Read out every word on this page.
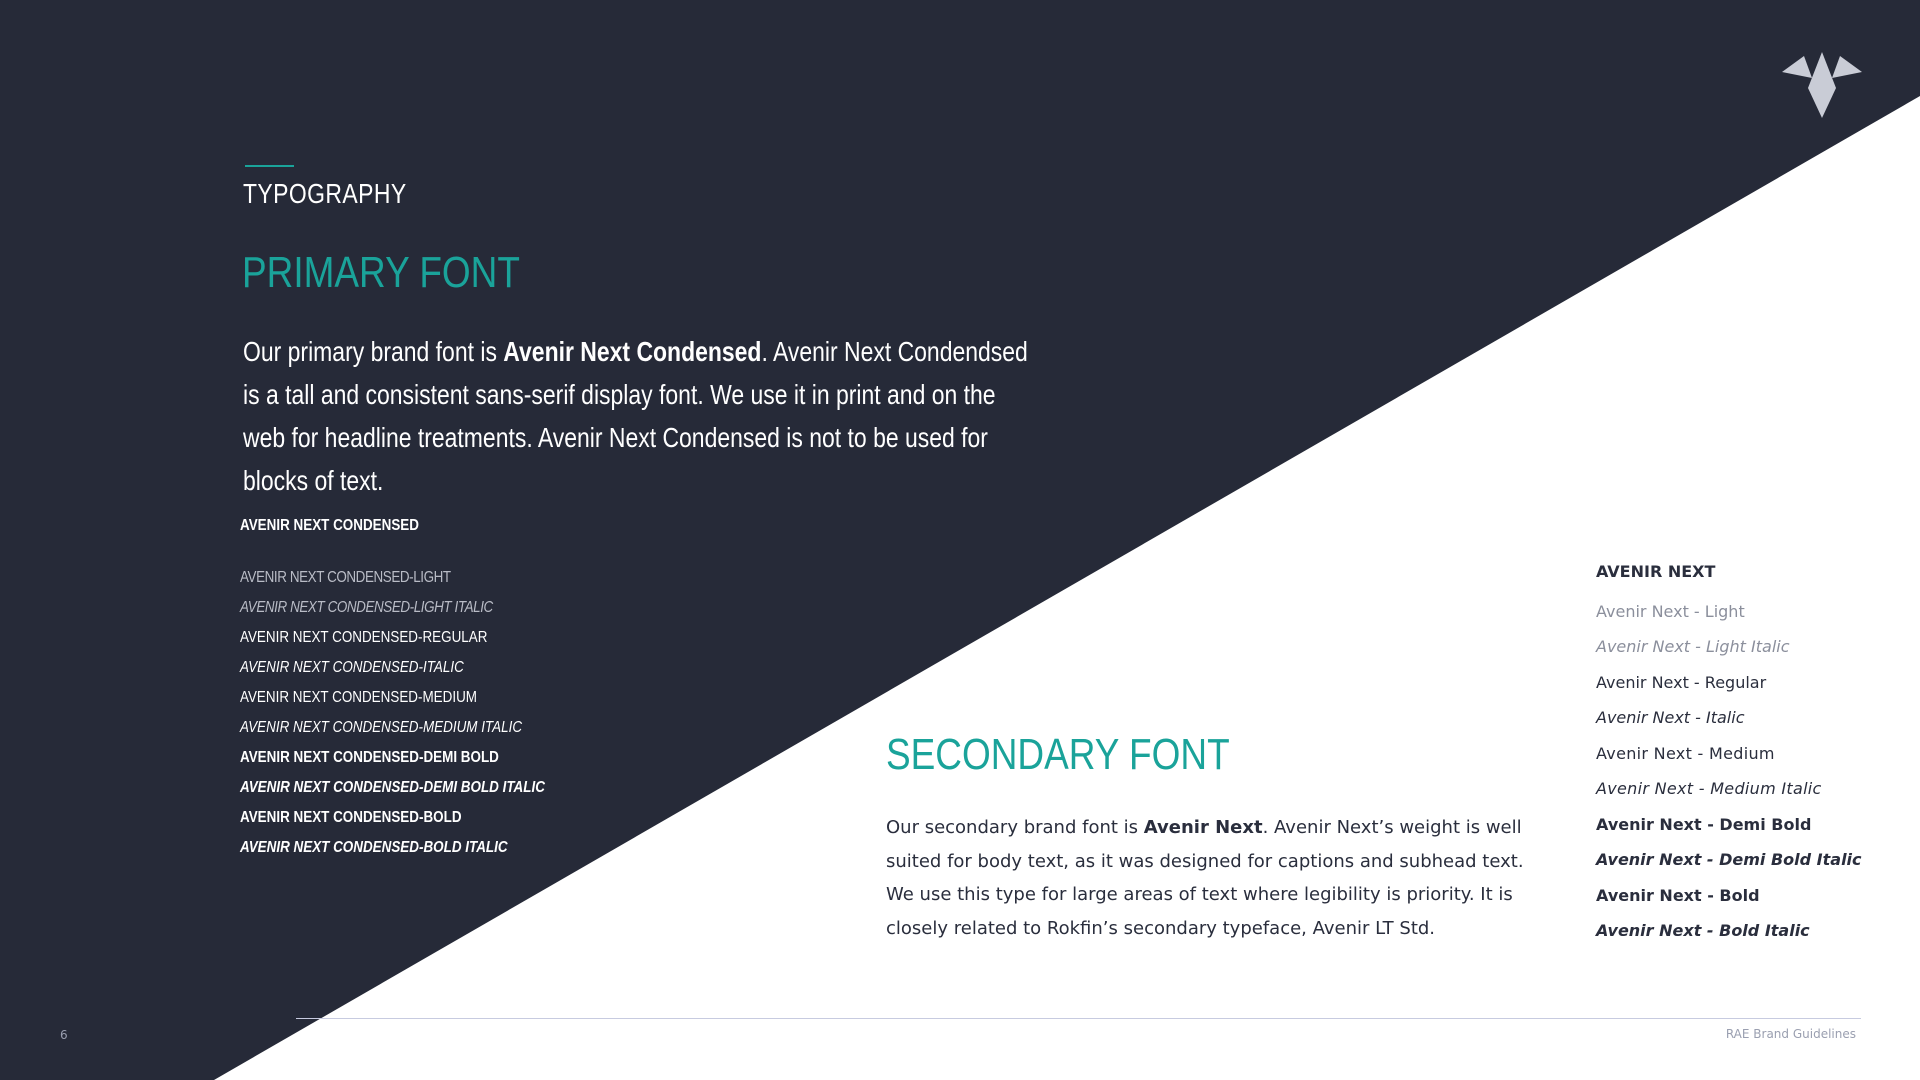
TYPOGRAPHY
PRIMARY FONT
Our primary brand font is Avenir Next Condensed. Avenir Next Condendsed is a tall and consistent sans-serif display font. We use it in print and on the web for headline treatments. Avenir Next Condensed is not to be used for blocks of text.
AVENIR NEXT CONDENSED
AVENIR NEXT CONDENSED-LIGHT
AVENIR NEXT CONDENSED-LIGHT ITALIC
AVENIR NEXT CONDENSED-REGULAR
AVENIR NEXT CONDENSED-ITALIC
AVENIR NEXT CONDENSED-MEDIUM
AVENIR NEXT CONDENSED-MEDIUM ITALIC
AVENIR NEXT CONDENSED-DEMI BOLD
AVENIR NEXT CONDENSED-DEMI BOLD ITALIC
AVENIR NEXT CONDENSED-BOLD
AVENIR NEXT CONDENSED-BOLD ITALIC
SECONDARY FONT
Our secondary brand font is Avenir Next. Avenir Next’s weight is well suited for body text, as it was designed for captions and subhead text. We use this type for large areas of text where legibility is priority. It is closely related to Rokfin’s secondary typeface, Avenir LT Std.
AVENIR NEXT
Avenir Next - Light
Avenir Next - Light Italic
Avenir Next - Regular
Avenir Next - Italic
Avenir Next - Medium
Avenir Next - Medium Italic
Avenir Next - Demi Bold
Avenir Next - Demi Bold Italic
Avenir Next - Bold
Avenir Next - Bold Italic
6	RAE Brand Guidelines
